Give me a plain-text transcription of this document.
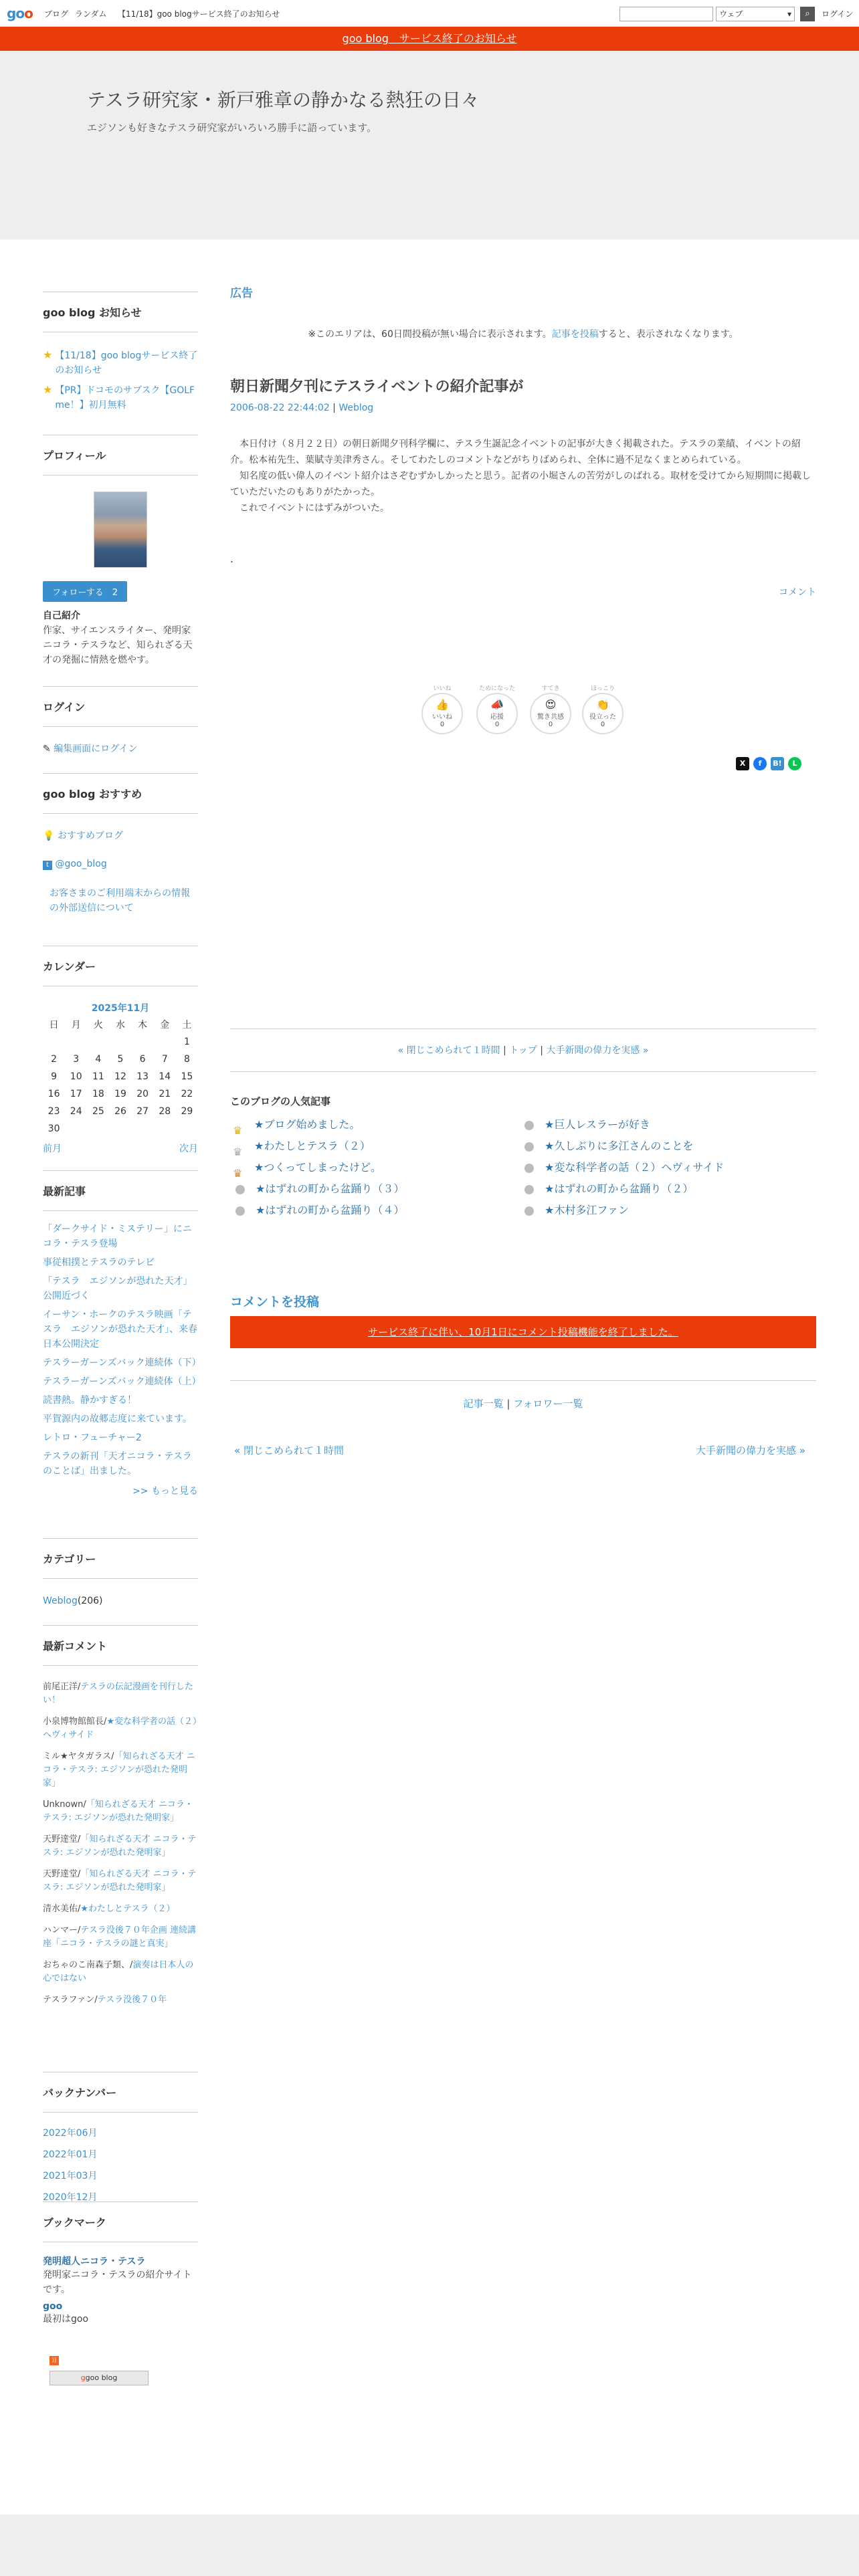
goo ブログ ランダム 【11/18】goo blogサービス終了のお知らせ	ウェブ	▾	⌕	ログイン
goo blog　サービス終了のお知らせ
テスラ研究家・新戸雅章の静かなる熱狂の日々
エジソンも好きなテスラ研究家がいろいろ勝手に語っています。
goo blog お知らせ
★ 【11/18】goo blogサービス終了のお知らせ
★ 【PR】ドコモのサブスク【GOLF me！】初月無料
プロフィール
フォローする　 2
自己紹介
作家、サイエンスライター、発明家ニコラ・テスラなど、知られざる天才の発掘に情熱を燃やす。
ログイン
✎ 編集画面にログイン
goo blog おすすめ
💡 おすすめブログ
t @goo_blog
お客さまのご利用端末からの情報の外部送信について
カレンダー
2025年11月
日	月	火	水	木	金	土
						1
2	3	4	5	6	7	8
9	10	11	12	13	14	15
16	17	18	19	20	21	22
23	24	25	26	27	28	29
30						
前月	次月
最新記事
「ダークサイド・ミステリー」にニコラ・テスラ登場
事従相撲とテスラのテレビ
「テスラ　エジソンが恐れた天才」公開近づく
イーサン・ホークのテスラ映画「テスラ　エジソンが恐れた天才」、来春日本公開決定
テスラーガーンズバック連続体（下）
テスラーガーンズバック連続体（上）
読書熱。静かすぎる！
平賀源内の故郷志度に来ています。
レトロ・フューチャー2
テスラの新刊「天才ニコラ・テスラのことば」出ました。
>> もっと見る
カテゴリー
Weblog(206)
最新コメント
前尾正洋/テスラの伝記漫画を刊行したい！
小泉博物館館長/★変な科学者の話（２）ヘヴィサイド
ミル★ヤタガラス/「知られざる天才 ニコラ・テスラ: エジソンが恐れた発明家」
Unknown/「知られざる天才 ニコラ・テスラ: エジソンが恐れた発明家」
天野達堂/「知られざる天才 ニコラ・テスラ: エジソンが恐れた発明家」
天野達堂/「知られざる天才 ニコラ・テスラ: エジソンが恐れた発明家」
清水美佑/★わたしとテスラ（２）
ハンマー/テスラ没後７０年企画 連続講座「ニコラ・テスラの謎と真実」
おちゃのこ南森子類、/演奏は日本人の心ではない
テスラファン/テスラ没後７０年
バックナンバー
2022年06月
2022年01月
2021年03月
2020年12月
ブックマーク
発明超人ニコラ・テスラ
発明家ニコラ・テスラの紹介サイトです。
goo
最初はgoo
))
ggoo blog
広告
※このエリアは、60日間投稿が無い場合に表示されます。記事を投稿すると、表示されなくなります。
朝日新聞夕刊にテスライベントの紹介記事が
2006-08-22 22:44:02 | Weblog

　本日付け（８月２２日）の朝日新聞夕刊科学欄に、テスラ生誕記念イベントの記事が大きく掲載された。テスラの業績、イベントの紹介。松本祐先生、葉賦寺美津秀さん。そしてわたしのコメントなどがちりばめられ、全体に過不足なくまとめられている。

　知名度の低い偉人のイベント紹介はさぞむずかしかったと思う。記者の小堀さんの苦労がしのばれる。取材を受けてから短期間に掲載していただいたのもありがたかった。

　これでイベントにはずみがついた。

.
コメント
いいね
👍
いいね
0
ためになった
📣
応援
0
すてき
😍
驚き共感
0
ほっこり
👏
役立った
0
X	f	B!	L
« 閉じこめられて１時間 | トップ | 大手新聞の偉力を実感 »
このブログの人気記事
♛ ★ブログ始めました。
♛ ★わたしとテスラ（２）
♛ ★つくってしまったけど。
★はずれの町から盆踊り（３）
★はずれの町から盆踊り（４）
★巨人レスラーが好き
★久しぶりに多江さんのことを
★変な科学者の話（２）ヘヴィサイド
★はずれの町から盆踊り（２）
★木村多江ファン
コメントを投稿
サービス終了に伴い、10月1日にコメント投稿機能を終了しました。
記事一覧 | フォロワー一覧
« 閉じこめられて１時間	大手新聞の偉力を実感 »
